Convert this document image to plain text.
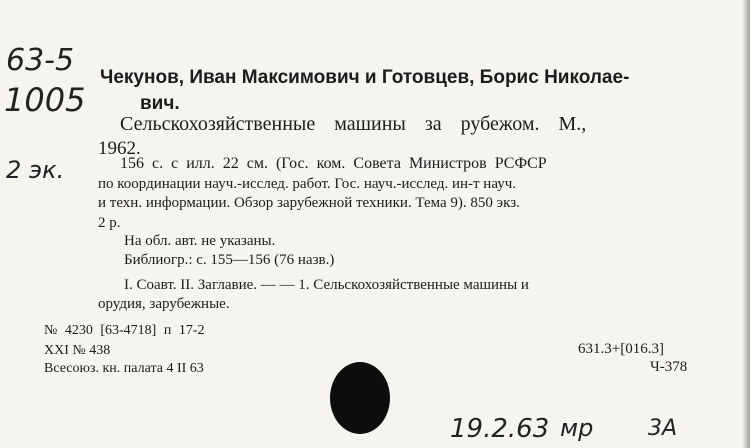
63-5
1005
2 эк.
Чекунов, Иван Максимович и Готовцев, Борис Николае-
вич.
Сельскохозяйственные машины за рубежом. М.,
1962.
156 с. с илл. 22 см. (Гос. ком. Совета Министров РСФСР
по координации науч.-исслед. работ. Гос. науч.-исслед. ин-т науч.
и техн. информации. Обзор зарубежной техники. Тема 9). 850 экз.
2 р.
На обл. авт. не указаны.
Библиогр.: с. 155—156 (76 назв.)
I. Соавт. II. Заглавие. — — 1. Сельскохозяйственные машины и
орудия, зарубежные.
№ 4230 [63-4718] п 17-2
XXI № 438
Всесоюз. кн. палата 4 II 63
631.3+[016.3]
Ч-378
19.2.63 мр 3А
